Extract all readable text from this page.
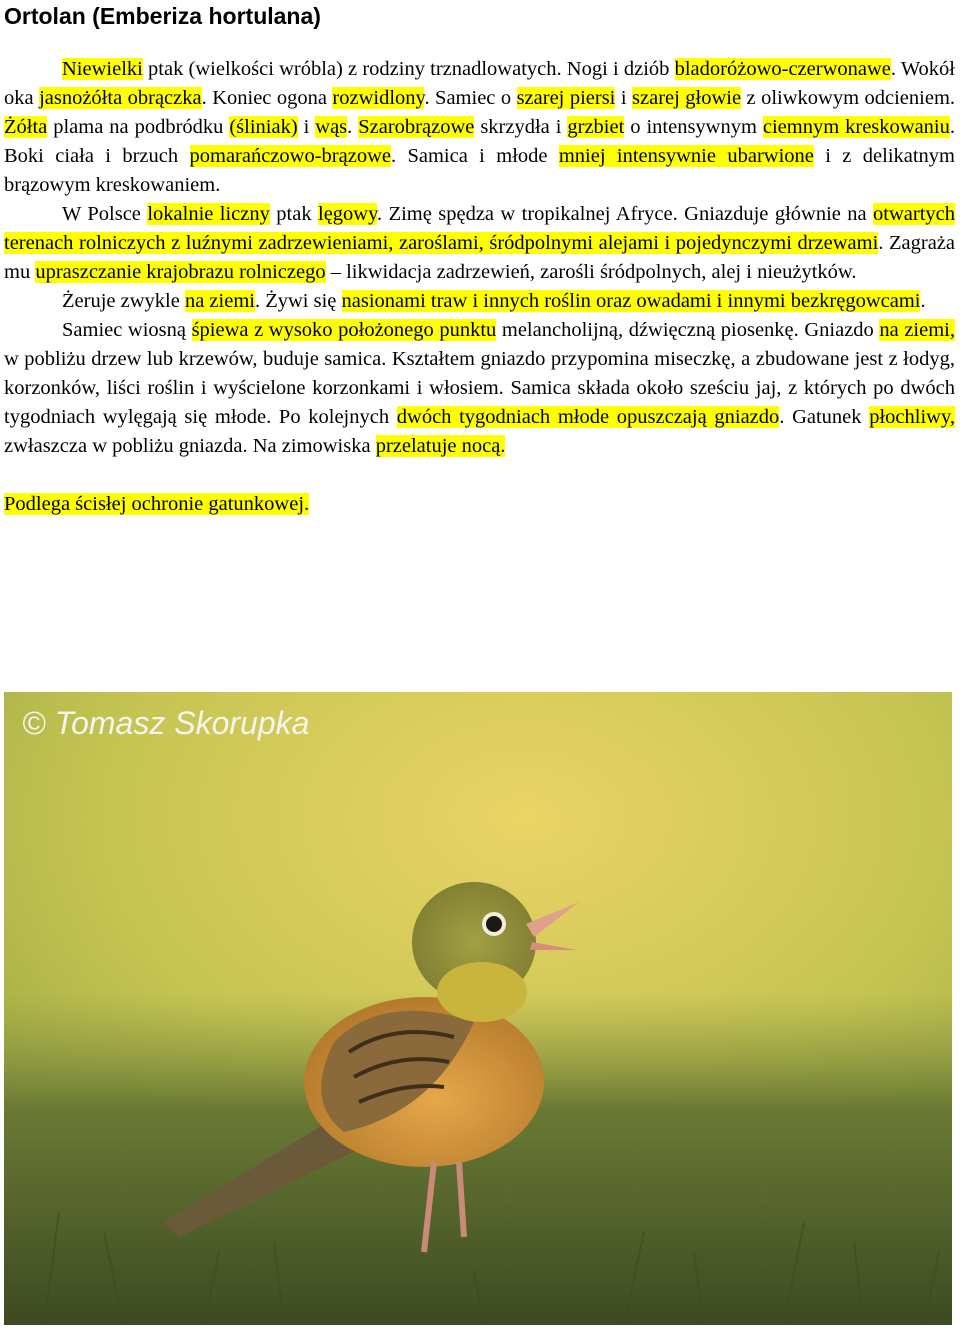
Ortolan (Emberiza hortulana)

Niewielki ptak (wielkości wróbla) z rodziny trznadlowatych. Nogi i dziób bladoróżowo-czerwonawe. Wokół oka jasnożółta obrączka. Koniec ogona rozwidlony. Samiec o szarej piersi i szarej głowie z oliwkowym odcieniem. Żółta plama na podbródku (śliniak) i wąs. Szarobrązowe skrzydła i grzbiet o intensywnym ciemnym kreskowaniu. Boki ciała i brzuch pomarańczowo-brązowe. Samica i młode mniej intensywnie ubarwione i z delikatnym brązowym kreskowaniem.

W Polsce lokalnie liczny ptak lęgowy. Zimę spędza w tropikalnej Afryce. Gniazduje głównie na otwartych terenach rolniczych z luźnymi zadrzewieniami, zaroślami, śródpolnymi alejami i pojedynczymi drzewami. Zagraża mu upraszczanie krajobrazu rolniczego – likwidacja zadrzewień, zarośli śródpolnych, alej i nieużytków.

Żeruje zwykle na ziemi. Żywi się nasionami traw i innych roślin oraz owadami i innymi bezkręgowcami.

Samiec wiosną śpiewa z wysoko położonego punktu melancholijną, dźwięczną piosenkę. Gniazdo na ziemi, w pobliżu drzew lub krzewów, buduje samica. Kształtem gniazdo przypomina miseczkę, a zbudowane jest z łodyg, korzonków, liści roślin i wyścielone korzonkami i włosiem. Samica składa około sześciu jaj, z których po dwóch tygodniach wylęgają się młode. Po kolejnych dwóch tygodniach młode opuszczają gniazdo. Gatunek płochliwy, zwłaszcza w pobliżu gniazda. Na zimowiska przelatuje nocą.

Podlega ścisłej ochronie gatunkowej.

© Tomasz Skorupka
